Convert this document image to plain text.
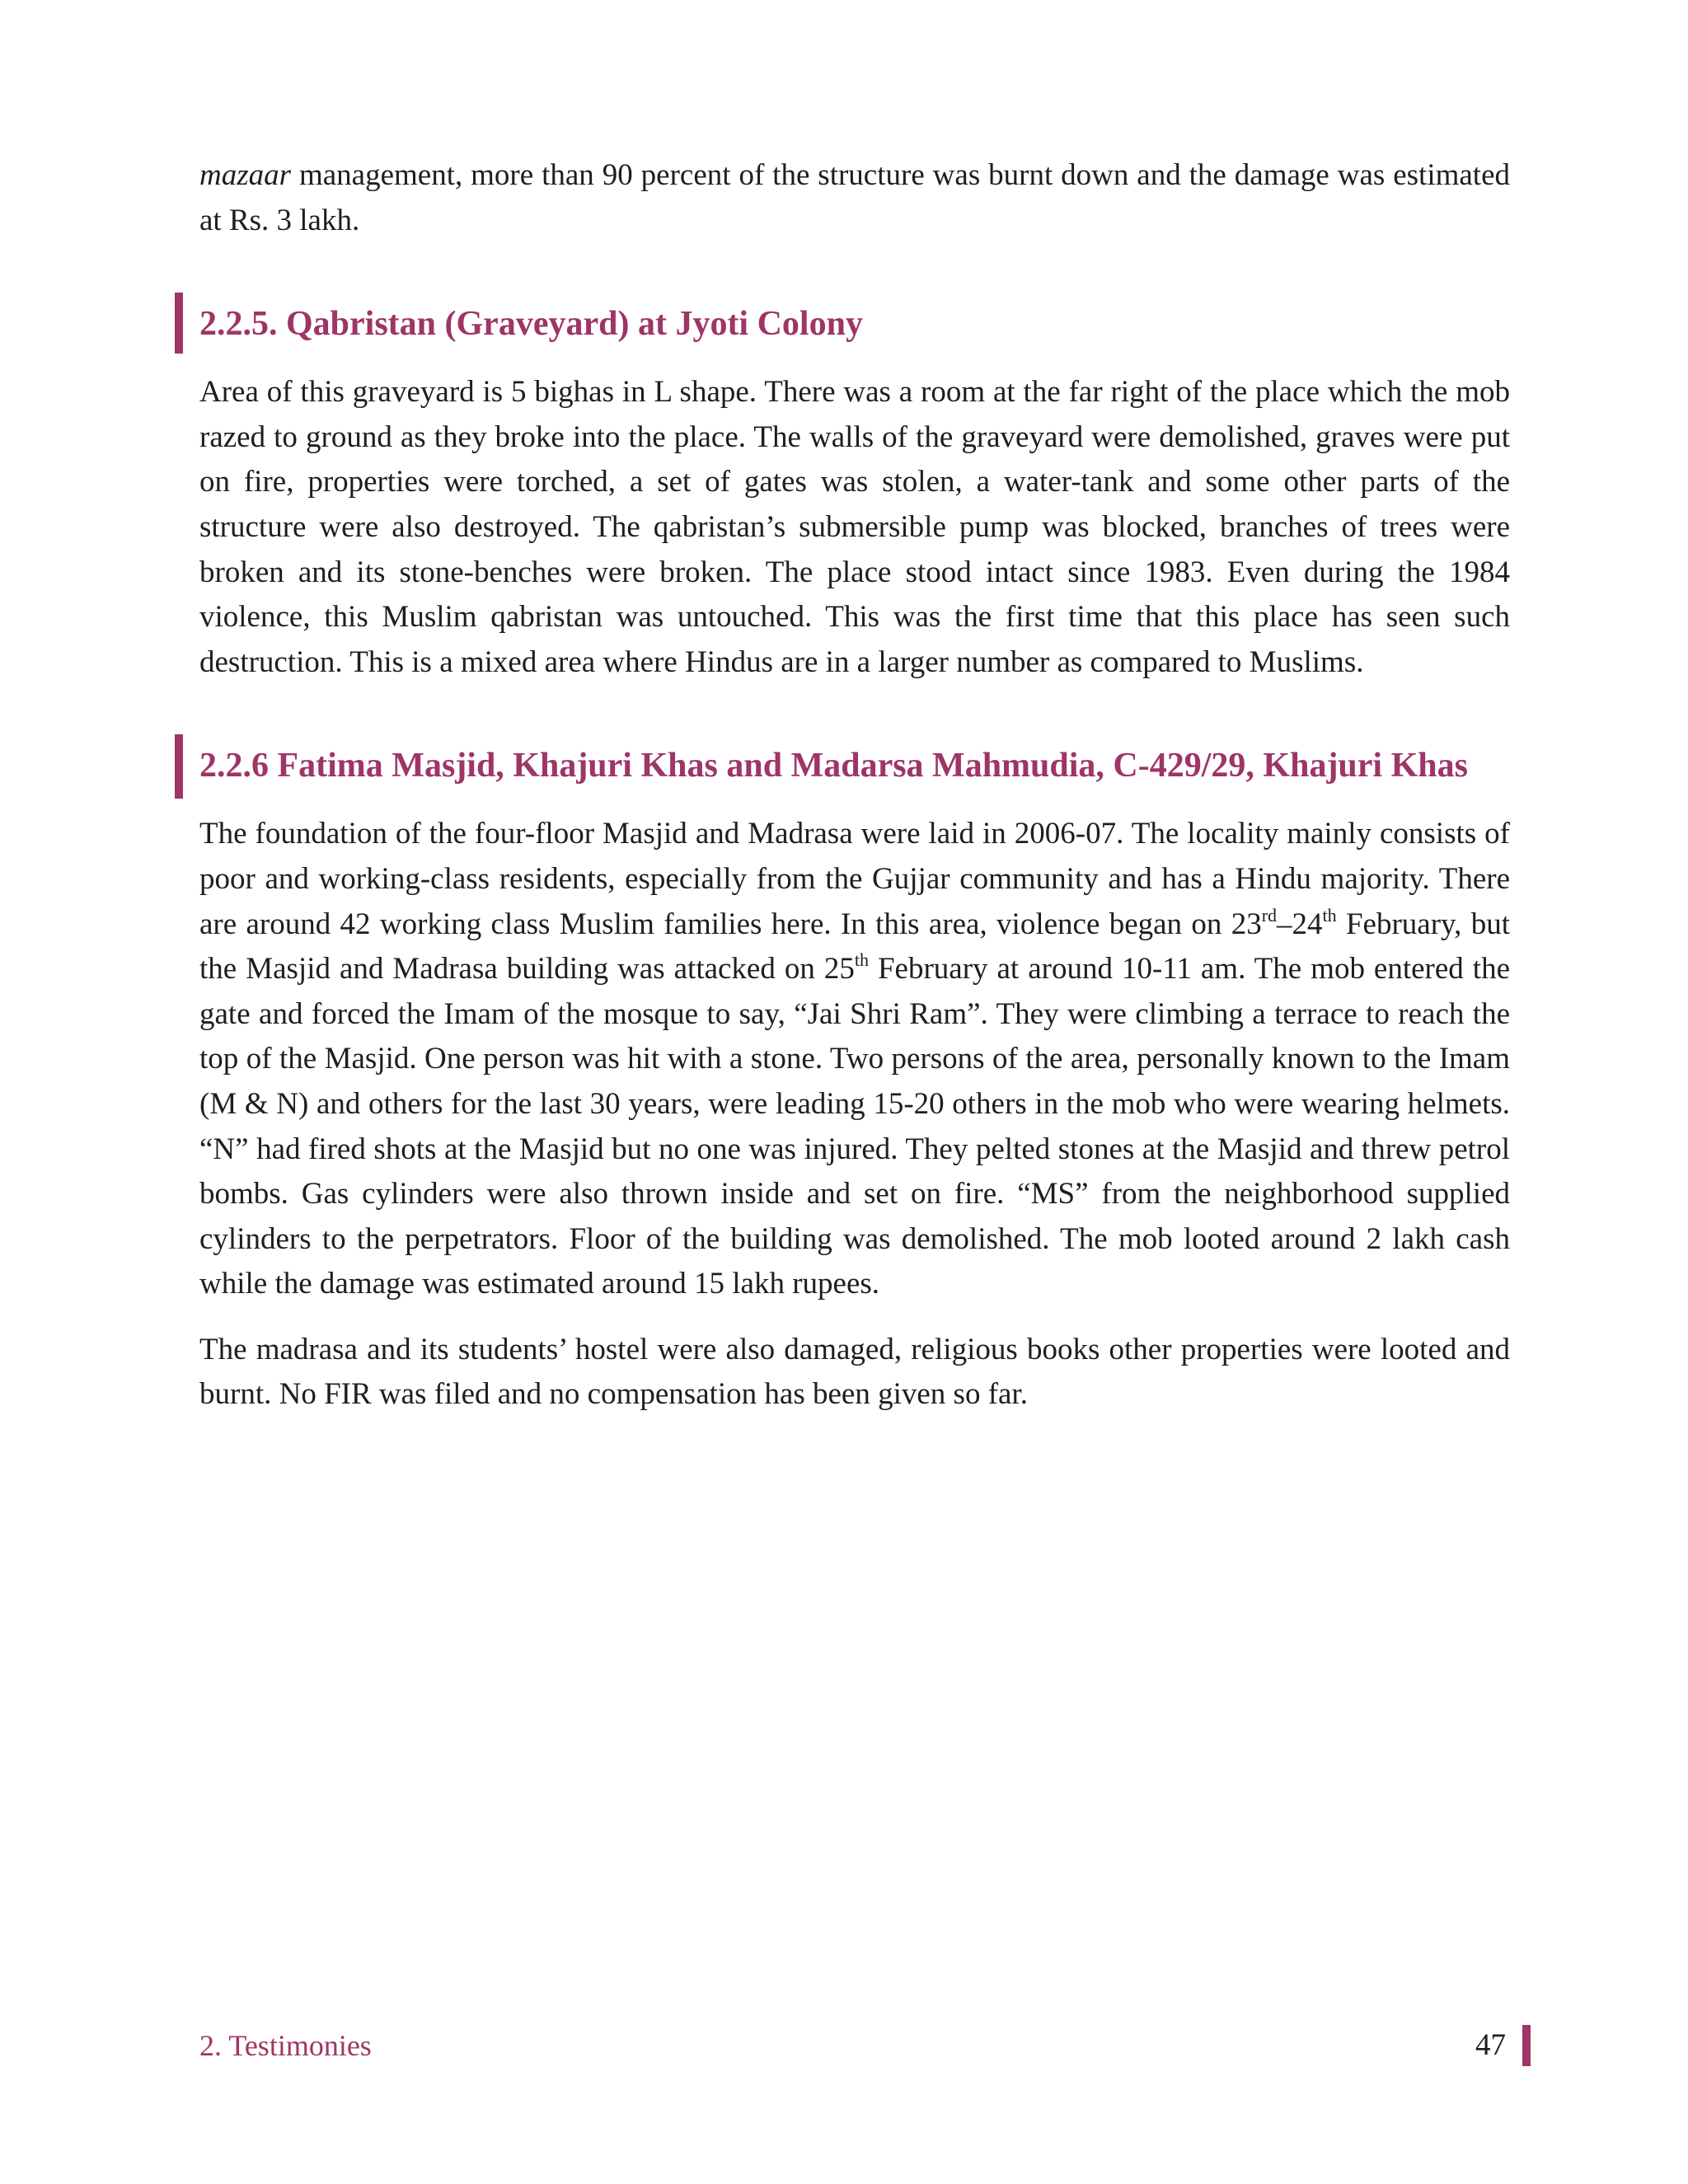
mazaar management, more than 90 percent of the structure was burnt down and the damage was estimated at Rs. 3 lakh.

2.2.5. Qabristan (Graveyard) at Jyoti Colony

Area of this graveyard is 5 bighas in L shape. There was a room at the far right of the place which the mob razed to ground as they broke into the place. The walls of the graveyard were demolished, graves were put on fire, properties were torched, a set of gates was stolen, a water-tank and some other parts of the structure were also destroyed. The qabristan’s submersible pump was blocked, branches of trees were broken and its stone-benches were broken. The place stood intact since 1983. Even during the 1984 violence, this Muslim qabristan was untouched. This was the first time that this place has seen such destruction. This is a mixed area where Hindus are in a larger number as compared to Muslims.

2.2.6 Fatima Masjid, Khajuri Khas and Madarsa Mahmudia, C-429/29, Khajuri Khas

The foundation of the four-floor Masjid and Madrasa were laid in 2006-07. The locality mainly consists of poor and working-class residents, especially from the Gujjar community and has a Hindu majority. There are around 42 working class Muslim families here. In this area, violence began on 23rd–24th February, but the Masjid and Madrasa building was attacked on 25th February at around 10-11 am. The mob entered the gate and forced the Imam of the mosque to say, “Jai Shri Ram”. They were climbing a terrace to reach the top of the Masjid. One person was hit with a stone. Two persons of the area, personally known to the Imam (M & N) and others for the last 30 years, were leading 15-20 others in the mob who were wearing helmets. “N” had fired shots at the Masjid but no one was injured. They pelted stones at the Masjid and threw petrol bombs. Gas cylinders were also thrown inside and set on fire. “MS” from the neighborhood supplied cylinders to the perpetrators. Floor of the building was demolished. The mob looted around 2 lakh cash while the damage was estimated around 15 lakh rupees.

The madrasa and its students’ hostel were also damaged, religious books other properties were looted and burnt. No FIR was filed and no compensation has been given so far.

2. Testimonies	47
